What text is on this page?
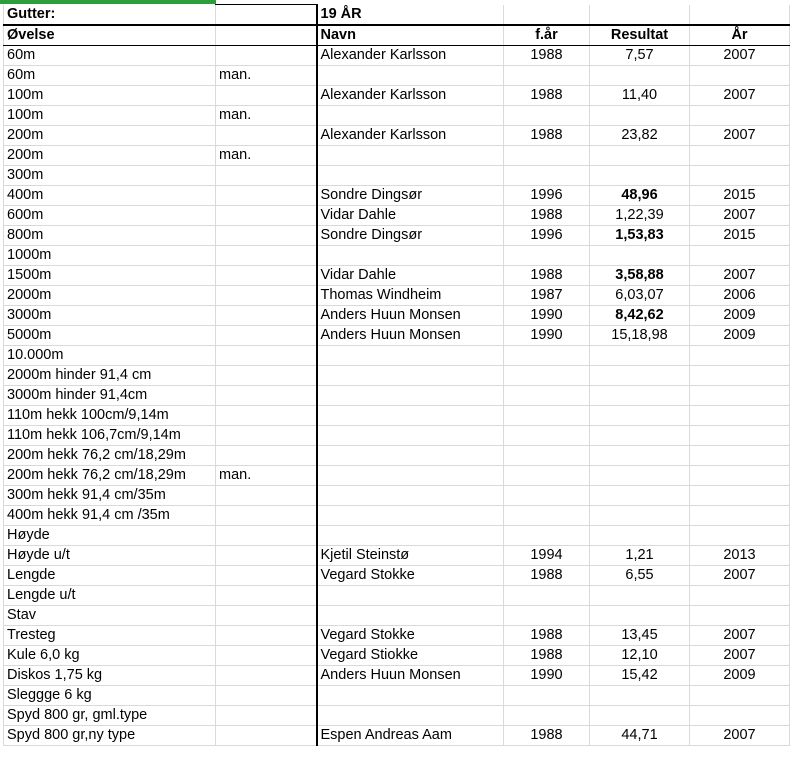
Gutter:		19 ÅR			
Øvelse		Navn	f.år	Resultat	År
60m		Alexander Karlsson	1988	7,57	2007
60m	man.				
100m		Alexander Karlsson	1988	11,40	2007
100m	man.				
200m		Alexander Karlsson	1988	23,82	2007
200m	man.				
300m					
400m		Sondre Dingsør	1996	48,96	2015
600m		Vidar Dahle	1988	1,22,39	2007
800m		Sondre Dingsør	1996	1,53,83	2015
1000m					
1500m		Vidar Dahle	1988	3,58,88	2007
2000m		Thomas Windheim	1987	6,03,07	2006
3000m		Anders Huun Monsen	1990	8,42,62	2009
5000m		Anders Huun Monsen	1990	15,18,98	2009
10.000m					
2000m hinder 91,4 cm					
3000m hinder 91,4cm					
110m hekk 100cm/9,14m					
110m hekk 106,7cm/9,14m					
200m hekk 76,2 cm/18,29m					
200m hekk 76,2 cm/18,29m	man.				
300m hekk 91,4 cm/35m					
400m hekk 91,4 cm /35m					
Høyde					
Høyde u/t		Kjetil Steinstø	1994	1,21	2013
Lengde		Vegard Stokke	1988	6,55	2007
Lengde u/t					
Stav					
Tresteg		Vegard Stokke	1988	13,45	2007
Kule 6,0 kg		Vegard Stiokke	1988	12,10	2007
Diskos 1,75 kg		Anders Huun Monsen	1990	15,42	2009
Sleggge 6 kg					
Spyd 800 gr, gml.type					
Spyd 800 gr,ny type		Espen Andreas Aam	1988	44,71	2007
